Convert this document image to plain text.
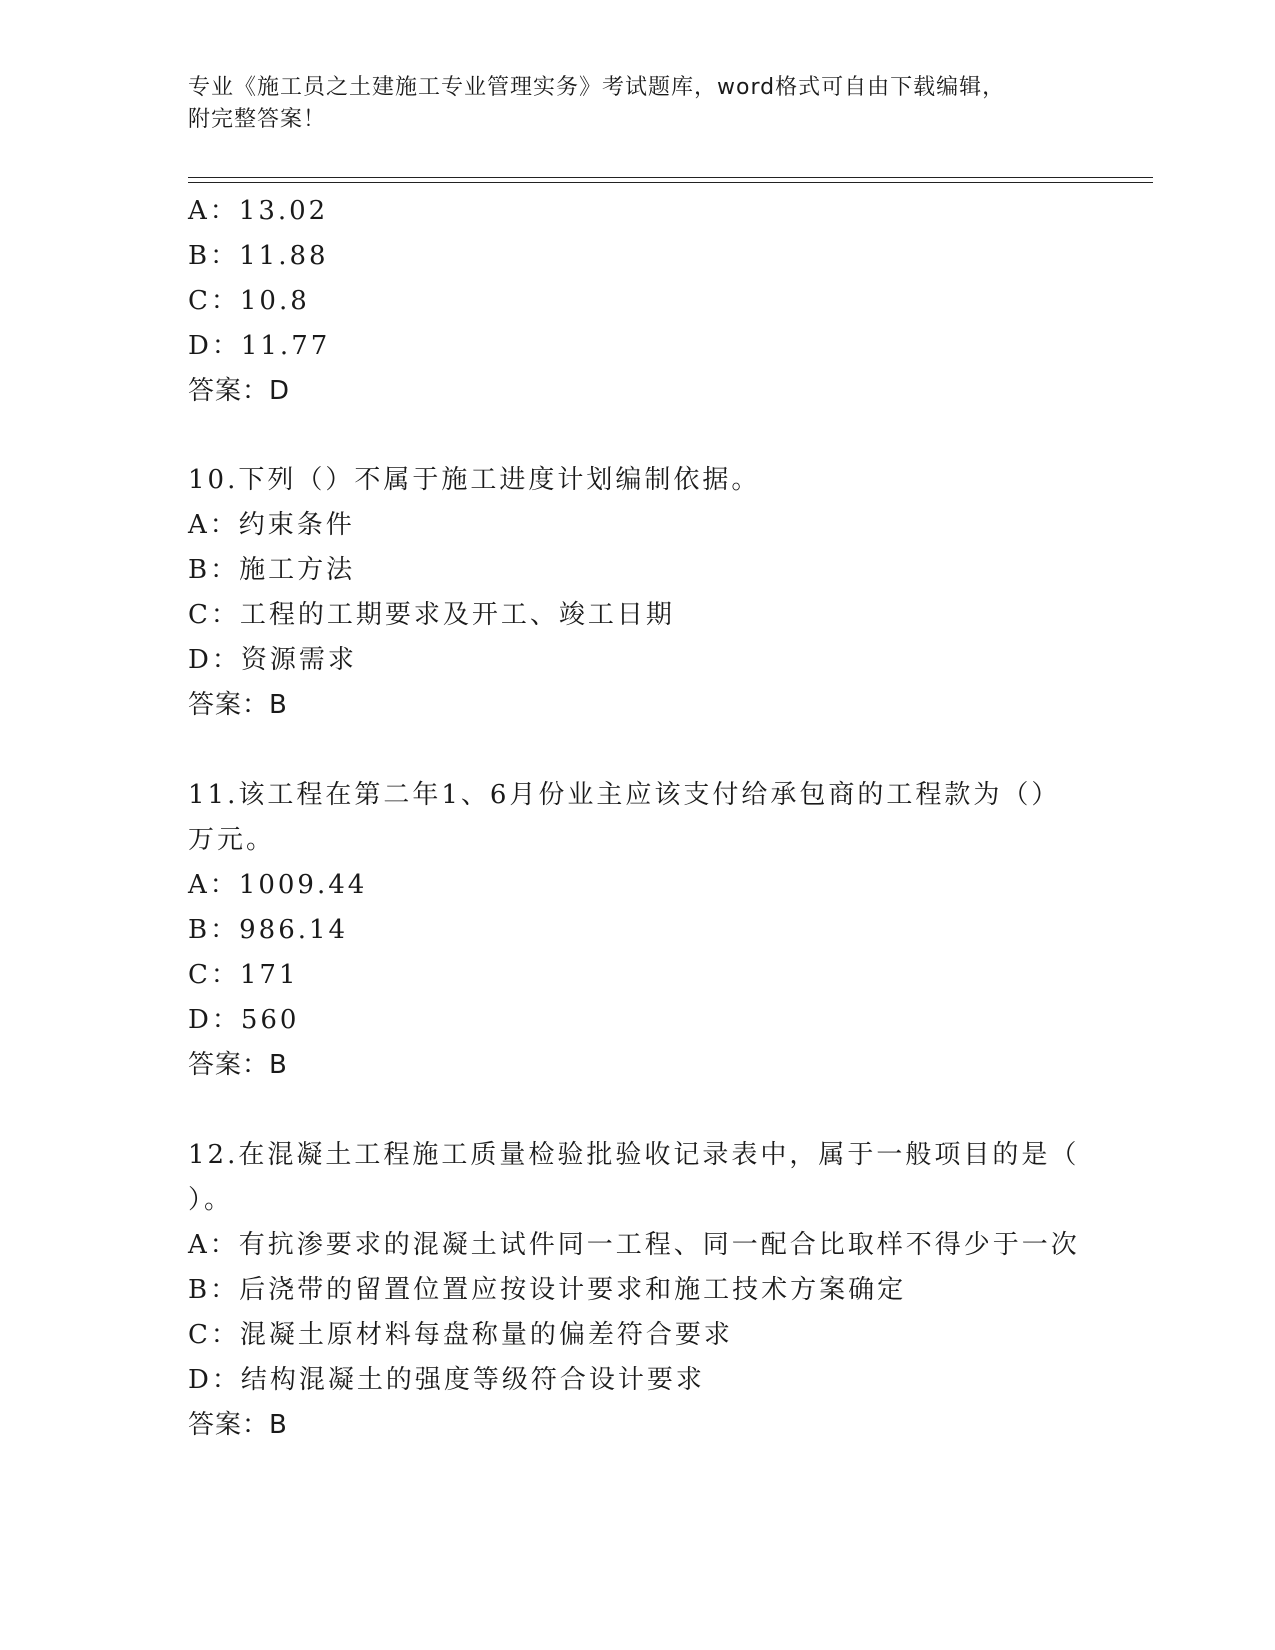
专业《施工员之土建施工专业管理实务》考试题库，word格式可自由下载编辑，
附完整答案！
A：13.02
B：11.88
C：10.8
D：11.77
答案：D
10.下列（）不属于施工进度计划编制依据。
A：约束条件
B：施工方法
C：工程的工期要求及开工、竣工日期
D：资源需求
答案：B
11.该工程在第二年1、6月份业主应该支付给承包商的工程款为（）
万元。
A：1009.44
B：986.14
C：171
D：560
答案：B
12.在混凝土工程施工质量检验批验收记录表中，属于一般项目的是（
）。
A：有抗渗要求的混凝土试件同一工程、同一配合比取样不得少于一次
B：后浇带的留置位置应按设计要求和施工技术方案确定
C：混凝土原材料每盘称量的偏差符合要求
D：结构混凝土的强度等级符合设计要求
答案：B
